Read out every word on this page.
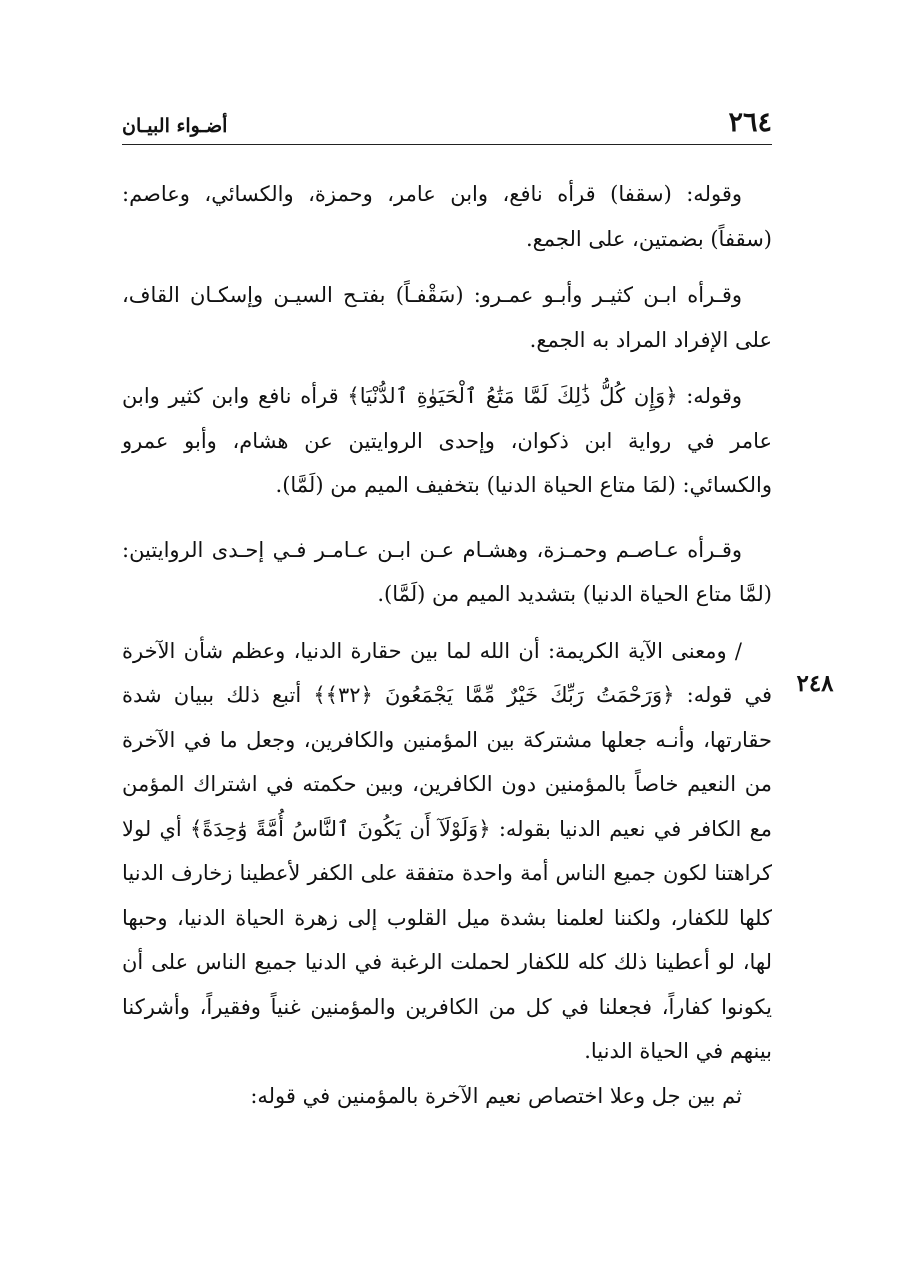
٢٦٤
أضـواء البيـان
٢٤٨

وقوله: (سقفا) قرأه نافع، وابن عامر، وحمزة، والكسائي، وعاصم: (سقفاً) بضمتين، على الجمع.

وقـرأه ابـن كثيـر وأبـو عمـرو: (سَقْفـاً) بفتـح السيـن وإسكـان القاف، على الإفراد المراد به الجمع.

وقوله: ﴿وَإِن كُلُّ ذَٰلِكَ لَمَّا مَتَٰعُ ٱلْحَيَوٰةِ ٱلدُّنْيَا﴾ قرأه نافع وابن كثير وابن عامر في رواية ابن ذكوان، وإحدى الروايتين عن هشام، وأبو عمرو والكسائي: (لمَا متاع الحياة الدنيا) بتخفيف الميم من (لَمَّا).

وقـرأه عـاصـم وحمـزة، وهشـام عـن ابـن عـامـر فـي إحـدى الروايتين: (لمَّا متاع الحياة الدنيا) بتشديد الميم من (لَمَّا).

/ ومعنى الآية الكريمة: أن الله لما بين حقارة الدنيا، وعظم شأن الآخرة في قوله: ﴿وَرَحْمَتُ رَبِّكَ خَيْرٌ مِّمَّا يَجْمَعُونَ ﴿٣٢﴾﴾ أتبع ذلك ببيان شدة حقارتها، وأنـه جعلها مشتركة بين المؤمنين والكافرين، وجعل ما في الآخرة من النعيم خاصاً بالمؤمنين دون الكافرين، وبين حكمته في اشتراك المؤمن مع الكافر في نعيم الدنيا بقوله: ﴿وَلَوْلَآ أَن يَكُونَ ٱلنَّاسُ أُمَّةً وَٰحِدَةً﴾ أي لولا كراهتنا لكون جميع الناس أمة واحدة متفقة على الكفر لأعطينا زخارف الدنيا كلها للكفار، ولكننا لعلمنا بشدة ميل القلوب إلى زهرة الحياة الدنيا، وحبها لها، لو أعطينا ذلك كله للكفار لحملت الرغبة في الدنيا جميع الناس على أن يكونوا كفاراً، فجعلنا في كل من الكافرين والمؤمنين غنياً وفقيراً، وأشركنا بينهم في الحياة الدنيا.

ثم بين جل وعلا اختصاص نعيم الآخرة بالمؤمنين في قوله:
